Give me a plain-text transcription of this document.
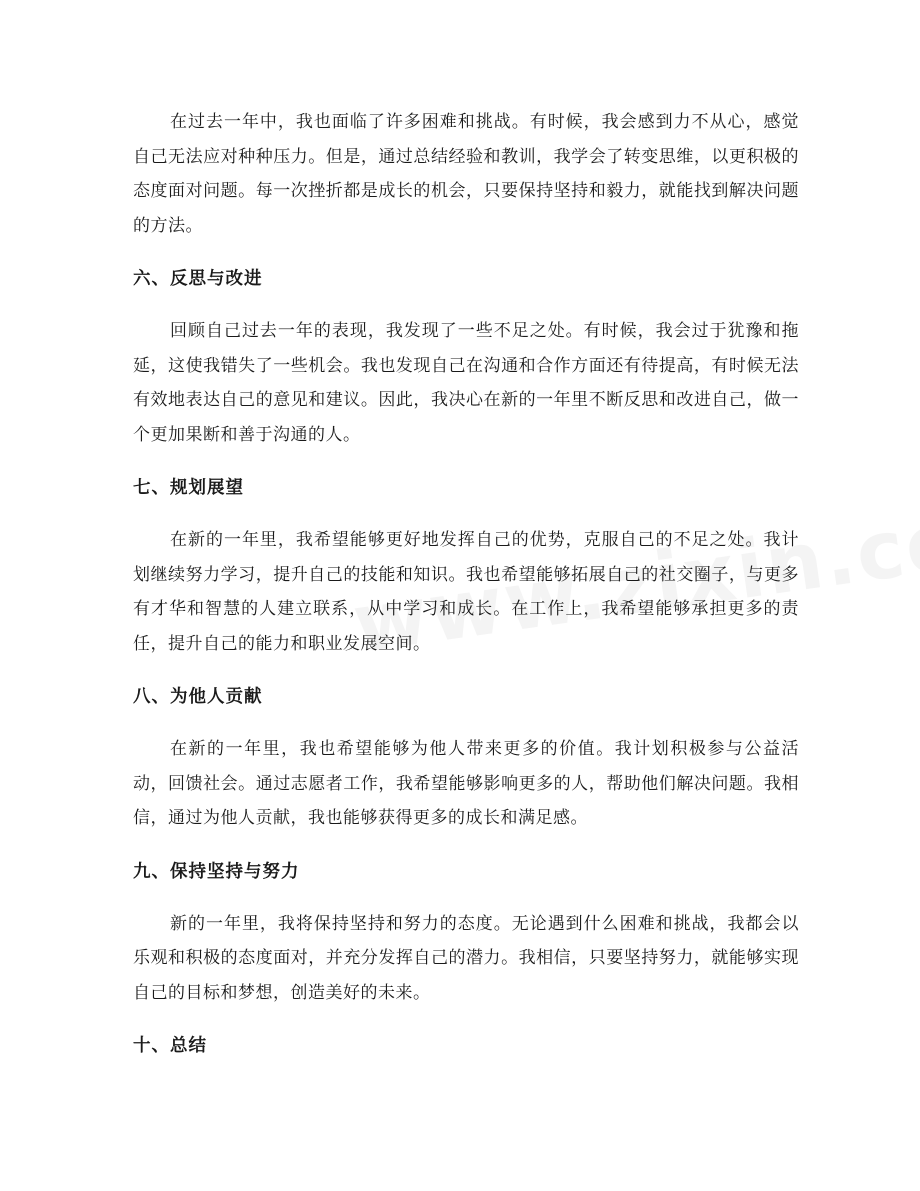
在过去一年中，我也面临了许多困难和挑战。有时候，我会感到力不从心，感觉自己无法应对种种压力。但是，通过总结经验和教训，我学会了转变思维，以更积极的态度面对问题。每一次挫折都是成长的机会，只要保持坚持和毅力，就能找到解决问题的方法。

六、反思与改进

回顾自己过去一年的表现，我发现了一些不足之处。有时候，我会过于犹豫和拖延，这使我错失了一些机会。我也发现自己在沟通和合作方面还有待提高，有时候无法有效地表达自己的意见和建议。因此，我决心在新的一年里不断反思和改进自己，做一个更加果断和善于沟通的人。

七、规划展望

在新的一年里，我希望能够更好地发挥自己的优势，克服自己的不足之处。我计划继续努力学习，提升自己的技能和知识。我也希望能够拓展自己的社交圈子，与更多有才华和智慧的人建立联系，从中学习和成长。在工作上，我希望能够承担更多的责任，提升自己的能力和职业发展空间。

八、为他人贡献

在新的一年里，我也希望能够为他人带来更多的价值。我计划积极参与公益活动，回馈社会。通过志愿者工作，我希望能够影响更多的人，帮助他们解决问题。我相信，通过为他人贡献，我也能够获得更多的成长和满足感。

九、保持坚持与努力

新的一年里，我将保持坚持和努力的态度。无论遇到什么困难和挑战，我都会以乐观和积极的态度面对，并充分发挥自己的潜力。我相信，只要坚持努力，就能够实现自己的目标和梦想，创造美好的未来。

十、总结
